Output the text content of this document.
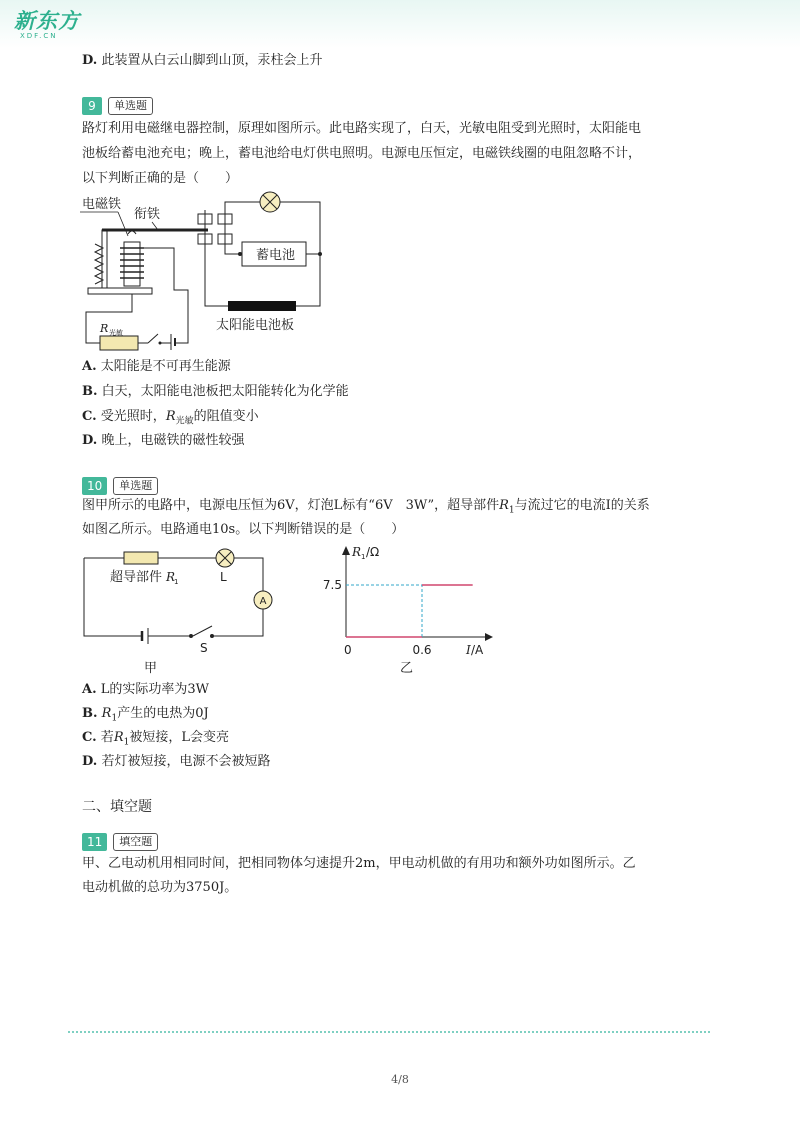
新东方
XDF.CN
D. 此装置从白云山脚到山顶，汞柱会上升
9	单选题
路灯利用电磁继电器控制，原理如图所示。此电路实现了，白天，光敏电阻受到光照时，太阳能电
池板给蓄电池充电；晚上，蓄电池给电灯供电照明。电源电压恒定，电磁铁线圈的电阻忽略不计，
以下判断正确的是（　　）
电磁铁
衔铁
R 光敏	太阳能电池板
蓄电池
A. 太阳能是不可再生能源
B. 白天，太阳能电池板把太阳能转化为化学能
C. 受光照时，$R_{光敏}$的阻值变小
D. 晚上，电磁铁的磁性较强
10	单选题
图甲所示的电路中，电源电压恒为6V，灯泡L标有“6V　3W”，超导部件$R_1$与流过它的电流I的关系
如图乙所示。电路通电10s。以下判断错误的是（　　）
A
超导部件 R
1	L
S
甲
R 1 /Ω
I /A
0
乙
0.6
7.5
A. L的实际功率为3W
B. $R_1$产生的电热为0J
C. 若$R_1$被短接，L会变亮
D. 若灯被短接，电源不会被短路
二、填空题
11	填空题
甲、乙电动机用相同时间，把相同物体匀速提升2m，甲电动机做的有用功和额外功如图所示。乙
电动机做的总功为3750J。
4/8
